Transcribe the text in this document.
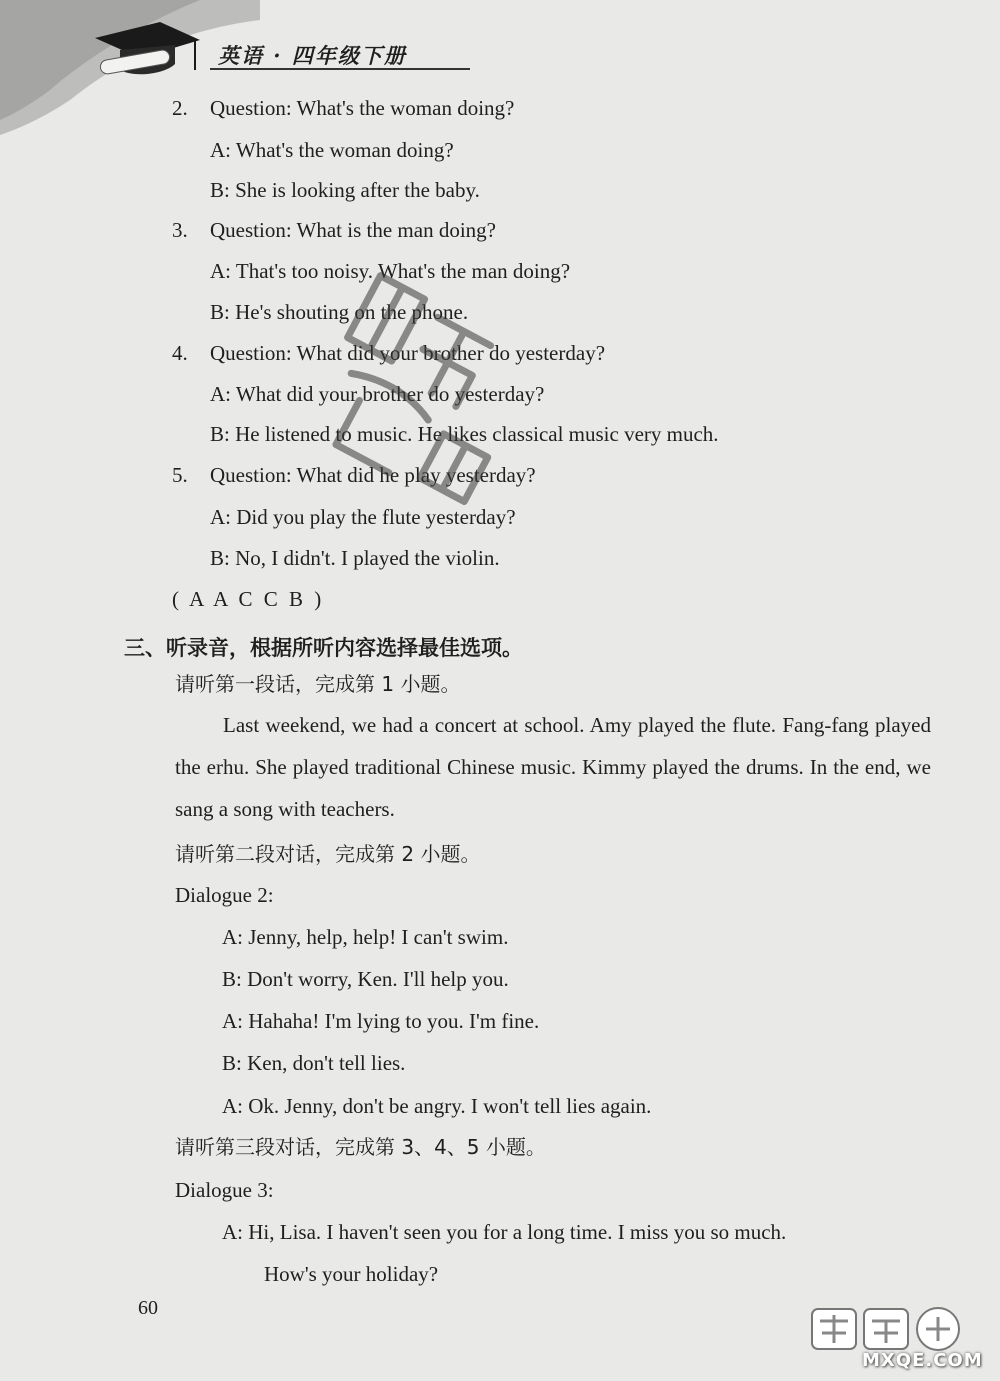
英语 · 四年级下册
2. Question: What's the woman doing?
A: What's the woman doing?
B: She is looking after the baby.
3. Question: What is the man doing?
A: That's too noisy. What's the man doing?
B: He's shouting on the phone.
4. Question: What did your brother do yesterday?
A: What did your brother do yesterday?
B: He listened to music. He likes classical music very much.
5. Question: What did he play yesterday?
A: Did you play the flute yesterday?
B: No, I didn't. I played the violin.
( A A C C B )
三、听录音，根据所听内容选择最佳选项。
请听第一段话，完成第 1 小题。

Last weekend, we had a concert at school. Amy played the flute. Fang-fang played the erhu. She played traditional Chinese music. Kimmy played the drums. In the end, we sang a song with teachers.

请听第二段对话，完成第 2 小题。
Dialogue 2:
A: Jenny, help, help! I can't swim.
B: Don't worry, Ken. I'll help you.
A: Hahaha! I'm lying to you. I'm fine.
B: Ken, don't tell lies.
A: Ok. Jenny, don't be angry. I won't tell lies again.
请听第三段对话，完成第 3、4、5 小题。
Dialogue 3:
A: Hi, Lisa. I haven't seen you for a long time. I miss you so much.
How's your holiday?
60
MXQE.COM
